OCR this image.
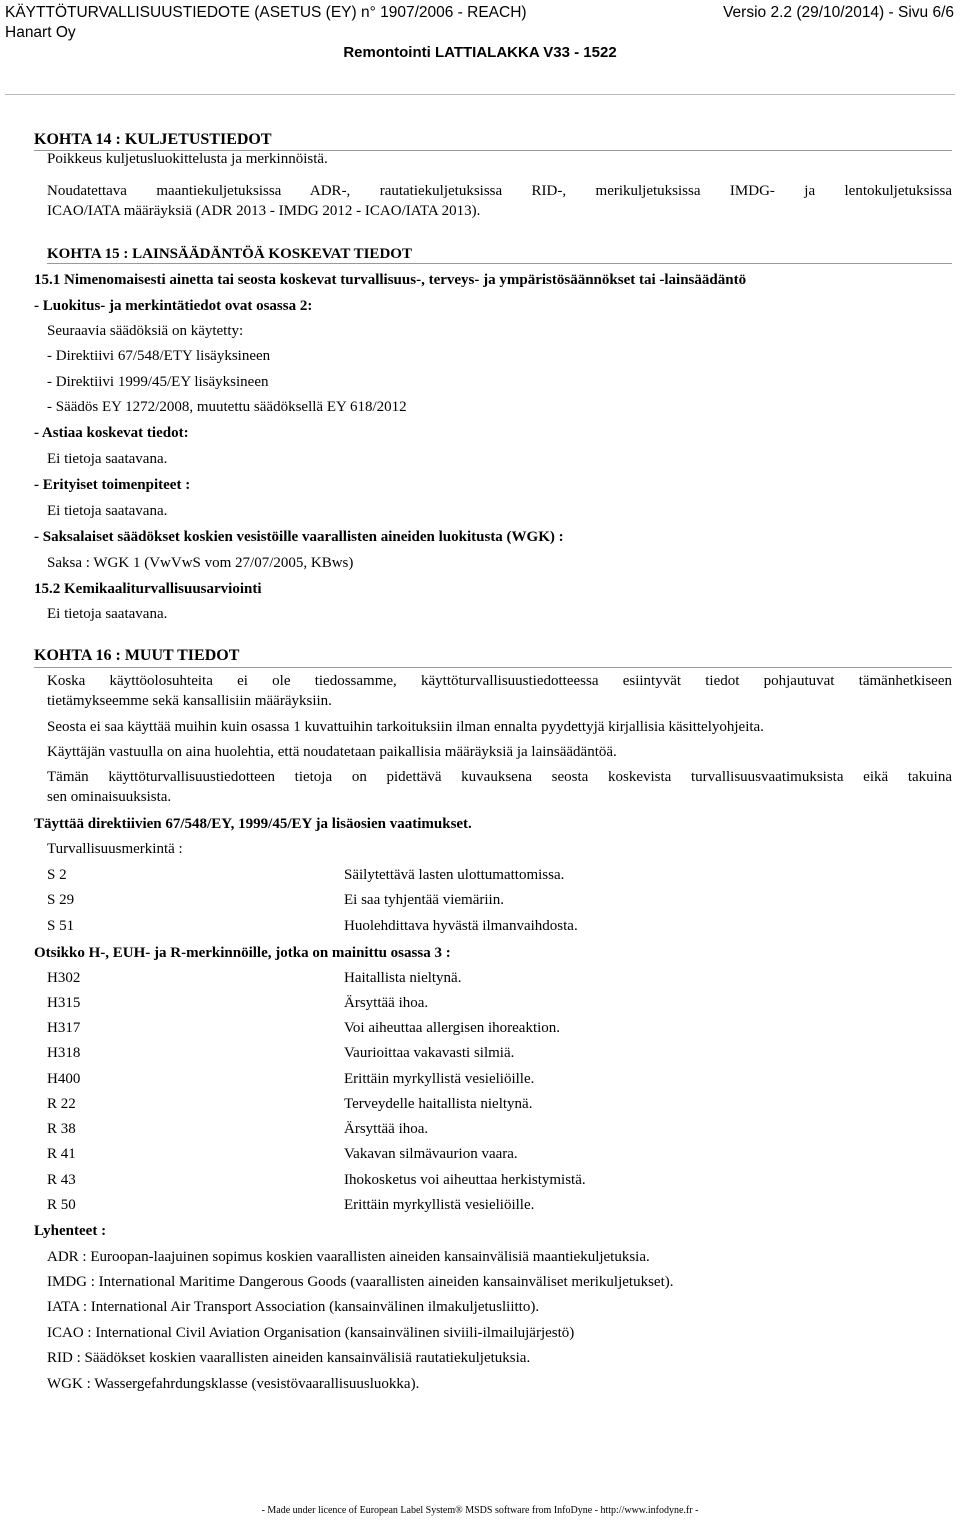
KÄYTTÖTURVALLISUUSTIEDOTE (ASETUS (EY) n° 1907/2006 - REACH)	Versio 2.2 (29/10/2014) - Sivu 6/6
Hanart Oy
Remontointi LATTIALAKKA V33 - 1522
KOHTA 14 : KULJETUSTIEDOT
Poikkeus kuljetusluokittelusta ja merkinnöistä.
Noudatettava maantiekuljetuksissa ADR-, rautatiekuljetuksissa RID-, merikuljetuksissa IMDG- ja lentokuljetuksissa
ICAO/IATA määräyksiä (ADR 2013 - IMDG 2012 - ICAO/IATA 2013).
KOHTA 15 : LAINSÄÄDÄNTÖÄ KOSKEVAT TIEDOT
15.1 Nimenomaisesti ainetta tai seosta koskevat turvallisuus-, terveys- ja ympäristösäännökset tai -lainsäädäntö
- Luokitus- ja merkintätiedot ovat osassa 2:
Seuraavia säädöksiä on käytetty:
- Direktiivi 67/548/ETY lisäyksineen
- Direktiivi 1999/45/EY lisäyksineen
- Säädös EY 1272/2008, muutettu säädöksellä EY 618/2012
- Astiaa koskevat tiedot:
Ei tietoja saatavana.
- Erityiset toimenpiteet :
Ei tietoja saatavana.
- Saksalaiset säädökset koskien vesistöille vaarallisten aineiden luokitusta (WGK) :
Saksa : WGK 1 (VwVwS vom 27/07/2005, KBws)
15.2 Kemikaaliturvallisuusarviointi
Ei tietoja saatavana.
KOHTA 16 : MUUT TIEDOT
Koska käyttöolosuhteita ei ole tiedossamme, käyttöturvallisuustiedotteessa esiintyvät tiedot pohjautuvat tämänhetkiseen
tietämykseemme sekä kansallisiin määräyksiin.
Seosta ei saa käyttää muihin kuin osassa 1 kuvattuihin tarkoituksiin ilman ennalta pyydettyjä kirjallisia käsittelyohjeita.
Käyttäjän vastuulla on aina huolehtia, että noudatetaan paikallisia määräyksiä ja lainsäädäntöä.
Tämän käyttöturvallisuustiedotteen tietoja on pidettävä kuvauksena seosta koskevista turvallisuusvaatimuksista eikä takuina
sen ominaisuuksista.
Täyttää direktiivien 67/548/EY, 1999/45/EY ja lisäosien vaatimukset.
Turvallisuusmerkintä :
S 2	Säilytettävä lasten ulottumattomissa.
S 29	Ei saa tyhjentää viemäriin.
S 51	Huolehdittava hyvästä ilmanvaihdosta.
Otsikko H-, EUH- ja R-merkinnöille, jotka on mainittu osassa 3 :
H302	Haitallista nieltynä.
H315	Ärsyttää ihoa.
H317	Voi aiheuttaa allergisen ihoreaktion.
H318	Vaurioittaa vakavasti silmiä.
H400	Erittäin myrkyllistä vesieliöille.
R 22	Terveydelle haitallista nieltynä.
R 38	Ärsyttää ihoa.
R 41	Vakavan silmävaurion vaara.
R 43	Ihokosketus voi aiheuttaa herkistymistä.
R 50	Erittäin myrkyllistä vesieliöille.
Lyhenteet :
ADR : Euroopan-laajuinen sopimus koskien vaarallisten aineiden kansainvälisiä maantiekuljetuksia.
IMDG : International Maritime Dangerous Goods (vaarallisten aineiden kansainväliset merikuljetukset).
IATA : International Air Transport Association (kansainvälinen ilmakuljetusliitto).
ICAO : International Civil Aviation Organisation (kansainvälinen siviili-ilmailujärjestö)
RID : Säädökset koskien vaarallisten aineiden kansainvälisiä rautatiekuljetuksia.
WGK : Wassergefahrdungsklasse (vesistövaarallisuusluokka).
- Made under licence of European Label System® MSDS software from InfoDyne - http://www.infodyne.fr -
